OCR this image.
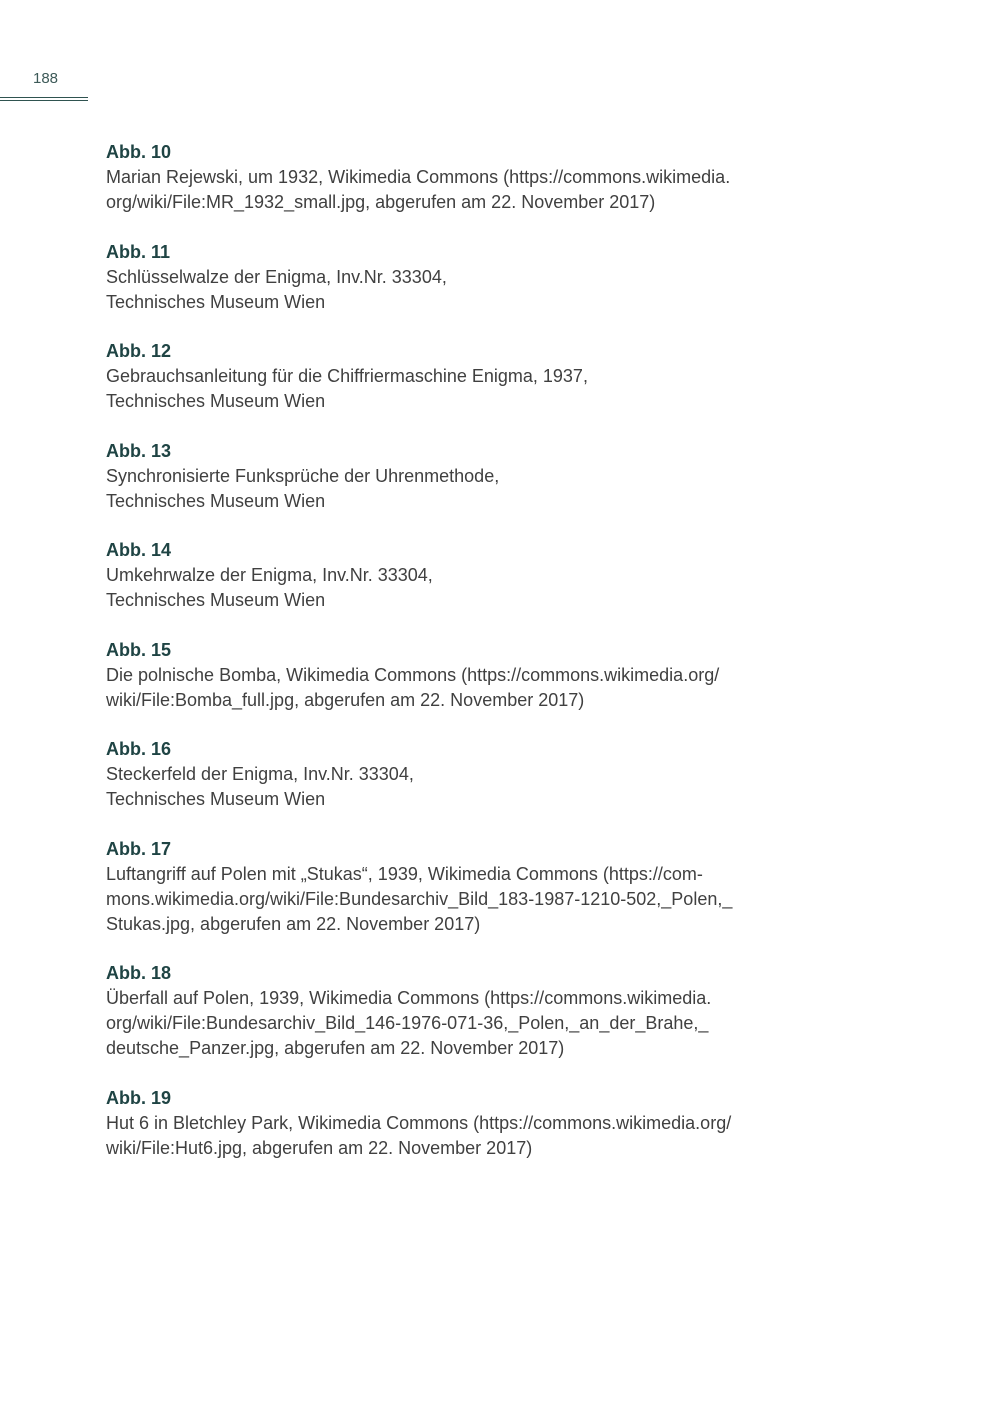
188
Abb. 10
Marian Rejewski, um 1932, Wikimedia Commons (https://commons.wikimedia.
org/wiki/File:MR_1932_small.jpg, abgerufen am 22. November 2017)
Abb. 11
Schlüsselwalze der Enigma, Inv.Nr. 33304,
Technisches Museum Wien
Abb. 12
Gebrauchsanleitung für die Chiffriermaschine Enigma, 1937,
Technisches Museum Wien
Abb. 13
Synchronisierte Funksprüche der Uhrenmethode,
Technisches Museum Wien
Abb. 14
Umkehrwalze der Enigma, Inv.Nr. 33304,
Technisches Museum Wien
Abb. 15
Die polnische Bomba, Wikimedia Commons (https://commons.wikimedia.org/
wiki/File:Bomba_full.jpg, abgerufen am 22. November 2017)
Abb. 16
Steckerfeld der Enigma, Inv.Nr. 33304,
Technisches Museum Wien
Abb. 17
Luftangriff auf Polen mit „Stukas“, 1939, Wikimedia Commons (https://com-
mons.wikimedia.org/wiki/File:Bundesarchiv_Bild_183-1987-1210-502,_Polen,_
Stukas.jpg, abgerufen am 22. November 2017)
Abb. 18
Überfall auf Polen, 1939, Wikimedia Commons (https://commons.wikimedia.
org/wiki/File:Bundesarchiv_Bild_146-1976-071-36,_Polen,_an_der_Brahe,_
deutsche_Panzer.jpg, abgerufen am 22. November 2017)
Abb. 19
Hut 6 in Bletchley Park, Wikimedia Commons (https://commons.wikimedia.org/
wiki/File:Hut6.jpg, abgerufen am 22. November 2017)
